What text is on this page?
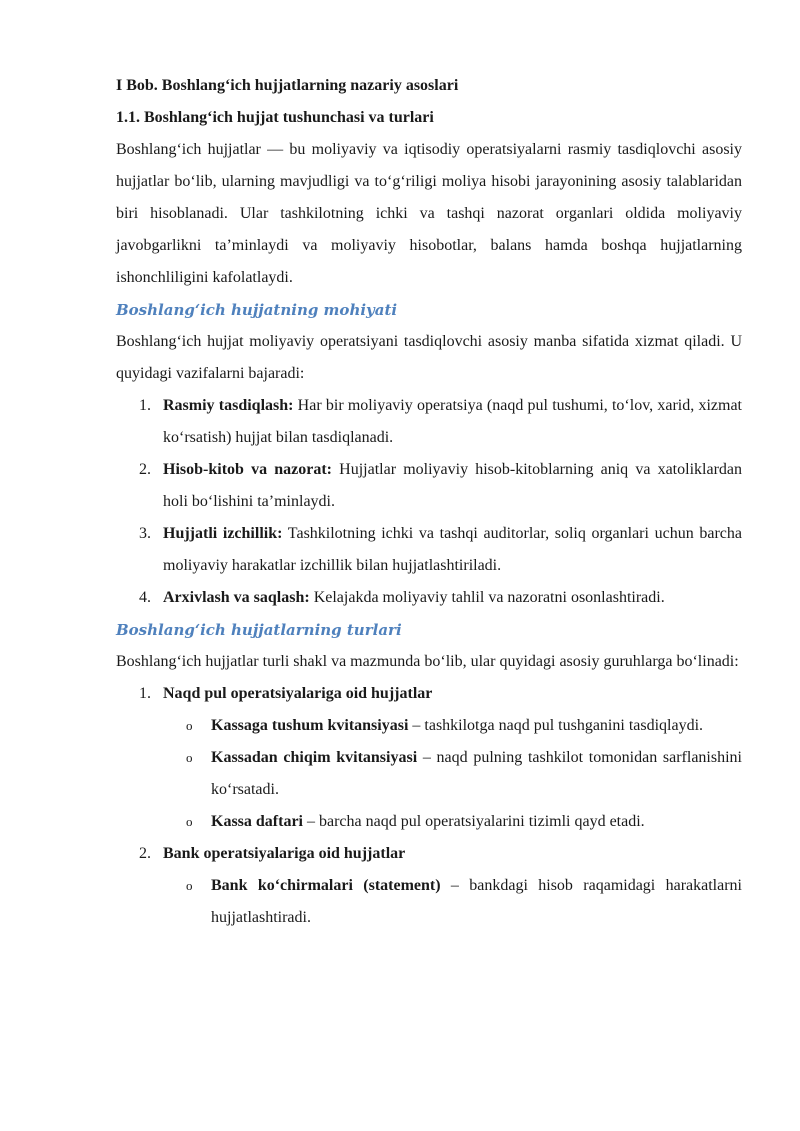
I Bob. Boshlangʻich hujjatlarning nazariy asoslari

1.1. Boshlangʻich hujjat tushunchasi va turlari

Boshlangʻich hujjatlar — bu moliyaviy va iqtisodiy operatsiyalarni rasmiy tasdiqlovchi asosiy hujjatlar boʻlib, ularning mavjudligi va toʻgʻriligi moliya hisobi jarayonining asosiy talablaridan biri hisoblanadi. Ular tashkilotning ichki va tashqi nazorat organlari oldida moliyaviy javobgarlikni ta’minlaydi va moliyaviy hisobotlar, balans hamda boshqa hujjatlarning ishonchliligini kafolatlaydi.

Boshlangʻich hujjatning mohiyati

Boshlangʻich hujjat moliyaviy operatsiyani tasdiqlovchi asosiy manba sifatida xizmat qiladi. U quyidagi vazifalarni bajaradi:

1. Rasmiy tasdiqlash: Har bir moliyaviy operatsiya (naqd pul tushumi, toʻlov, xarid, xizmat koʻrsatish) hujjat bilan tasdiqlanadi.
2. Hisob-kitob va nazorat: Hujjatlar moliyaviy hisob-kitoblarning aniq va xatoliklardan holi boʻlishini ta’minlaydi.
3. Hujjatli izchillik: Tashkilotning ichki va tashqi auditorlar, soliq organlari uchun barcha moliyaviy harakatlar izchillik bilan hujjatlashtiriladi.
4. Arxivlash va saqlash: Kelajakda moliyaviy tahlil va nazoratni osonlashtiradi.

Boshlangʻich hujjatlarning turlari

Boshlangʻich hujjatlar turli shakl va mazmunda boʻlib, ular quyidagi asosiy guruhlarga boʻlinadi:

1. Naqd pul operatsiyalariga oid hujjatlar
o Kassaga tushum kvitansiyasi – tashkilotga naqd pul tushganini tasdiqlaydi.
o Kassadan chiqim kvitansiyasi – naqd pulning tashkilot tomonidan sarflanishini koʻrsatadi.
o Kassa daftari – barcha naqd pul operatsiyalarini tizimli qayd etadi.
2. Bank operatsiyalariga oid hujjatlar
o Bank koʻchirmalari (statement) – bankdagi hisob raqamidagi harakatlarni hujjatlashtiradi.
